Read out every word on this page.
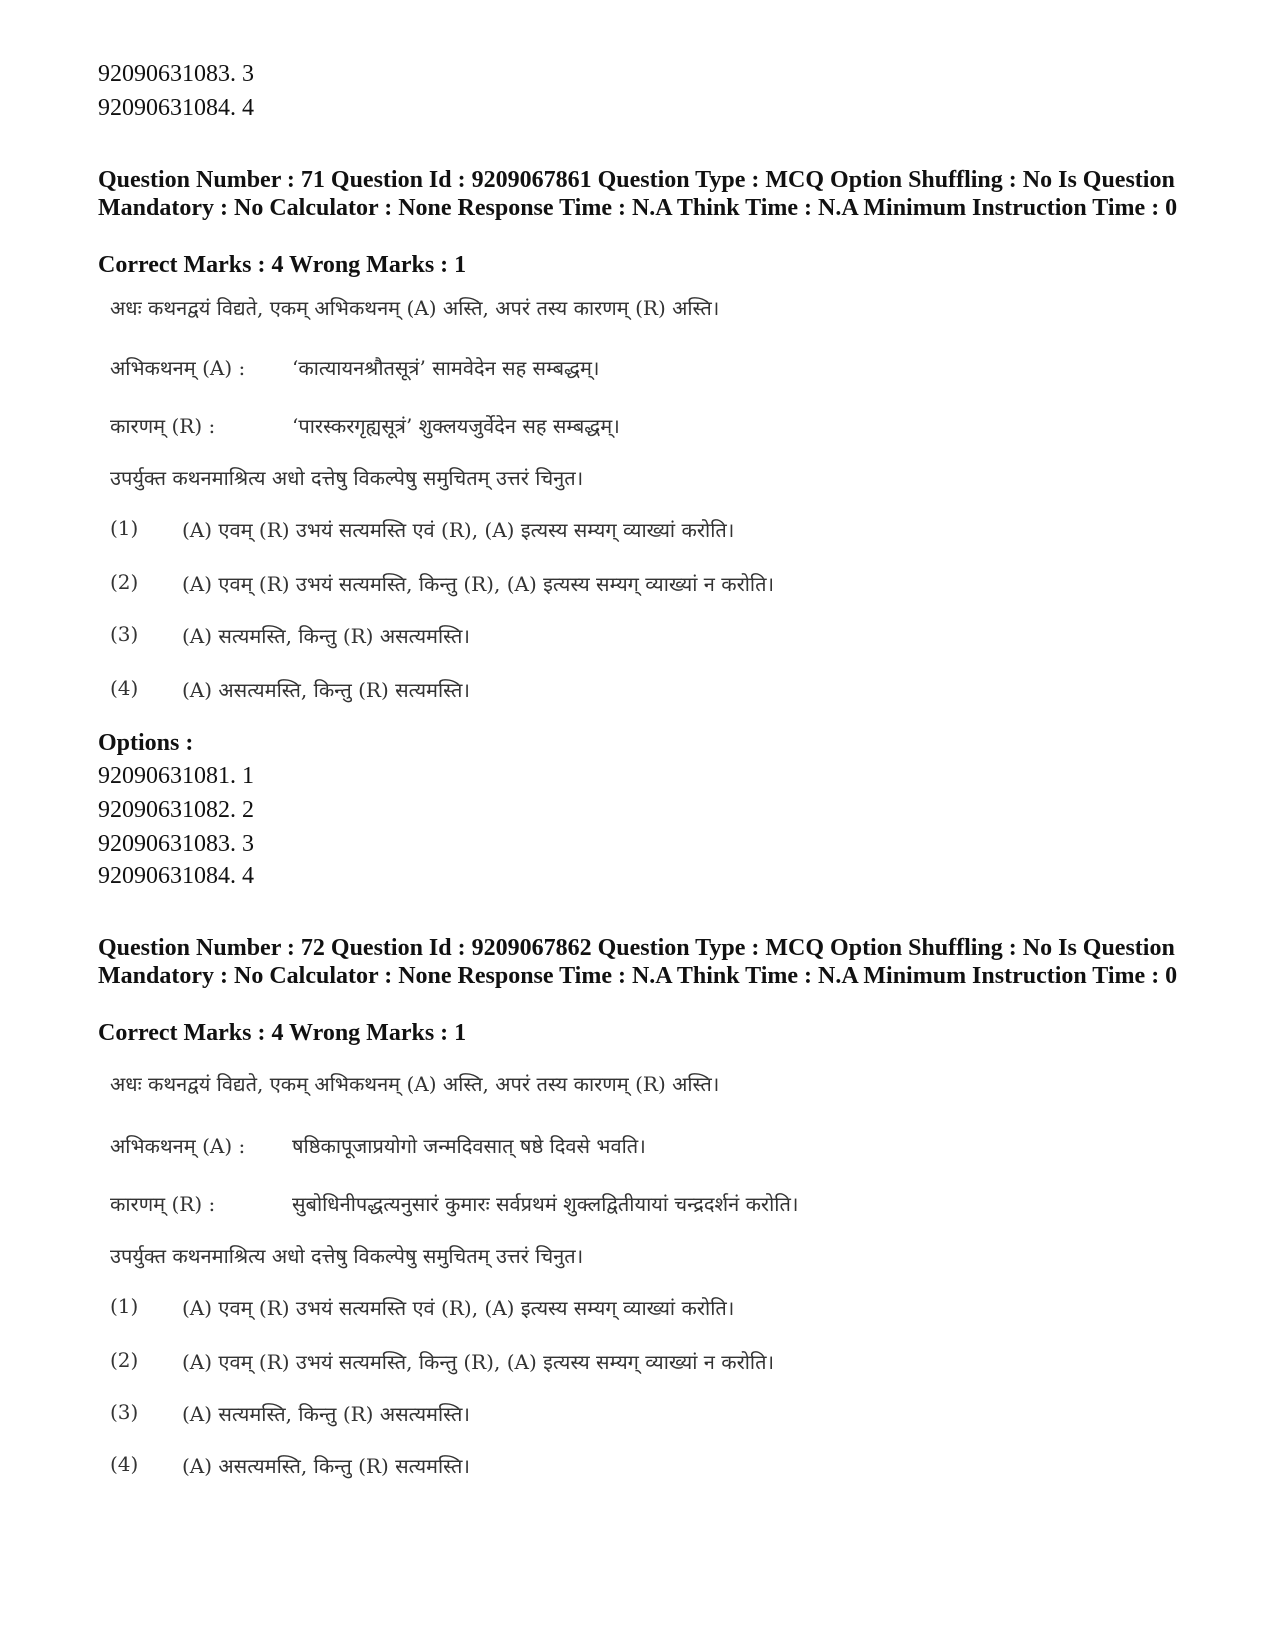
92090631083. 3
92090631084. 4
Question Number : 71 Question Id : 9209067861 Question Type : MCQ Option Shuffling : No Is Question Mandatory : No Calculator : None Response Time : N.A Think Time : N.A Minimum Instruction Time : 0
Correct Marks : 4 Wrong Marks : 1
अधः कथनद्वयं विद्यते, एकम् अभिकथनम् (A) अस्ति, अपरं तस्य कारणम् (R) अस्ति।
अभिकथनम् (A) : ‘कात्यायनश्रौतसूत्रं’ सामवेदेन सह सम्बद्धम्।
कारणम् (R) :	‘पारस्करगृह्यसूत्रं’ शुक्लयजुर्वेदेन सह सम्बद्धम्।
उपर्युक्त कथनमाश्रित्य अधो दत्तेषु विकल्पेषु समुचितम् उत्तरं चिनुत।
(1) (A) एवम् (R) उभयं सत्यमस्ति एवं (R), (A) इत्यस्य सम्यग् व्याख्यां करोति।
(2) (A) एवम् (R) उभयं सत्यमस्ति, किन्तु (R), (A) इत्यस्य सम्यग् व्याख्यां न करोति।
(3) (A) सत्यमस्ति, किन्तु (R) असत्यमस्ति।
(4) (A) असत्यमस्ति, किन्तु (R) सत्यमस्ति।
Options :
92090631081. 1
92090631082. 2
92090631083. 3
92090631084. 4
Question Number : 72 Question Id : 9209067862 Question Type : MCQ Option Shuffling : No Is Question Mandatory : No Calculator : None Response Time : N.A Think Time : N.A Minimum Instruction Time : 0
Correct Marks : 4 Wrong Marks : 1
अधः कथनद्वयं विद्यते, एकम् अभिकथनम् (A) अस्ति, अपरं तस्य कारणम् (R) अस्ति।
अभिकथनम् (A) : षष्ठिकापूजाप्रयोगो जन्मदिवसात् षष्ठे दिवसे भवति।
कारणम् (R) :	सुबोधिनीपद्धत्यनुसारं कुमारः सर्वप्रथमं शुक्लद्वितीयायां चन्द्रदर्शनं करोति।
उपर्युक्त कथनमाश्रित्य अधो दत्तेषु विकल्पेषु समुचितम् उत्तरं चिनुत।
(1) (A) एवम् (R) उभयं सत्यमस्ति एवं (R), (A) इत्यस्य सम्यग् व्याख्यां करोति।
(2) (A) एवम् (R) उभयं सत्यमस्ति, किन्तु (R), (A) इत्यस्य सम्यग् व्याख्यां न करोति।
(3) (A) सत्यमस्ति, किन्तु (R) असत्यमस्ति।
(4) (A) असत्यमस्ति, किन्तु (R) सत्यमस्ति।
